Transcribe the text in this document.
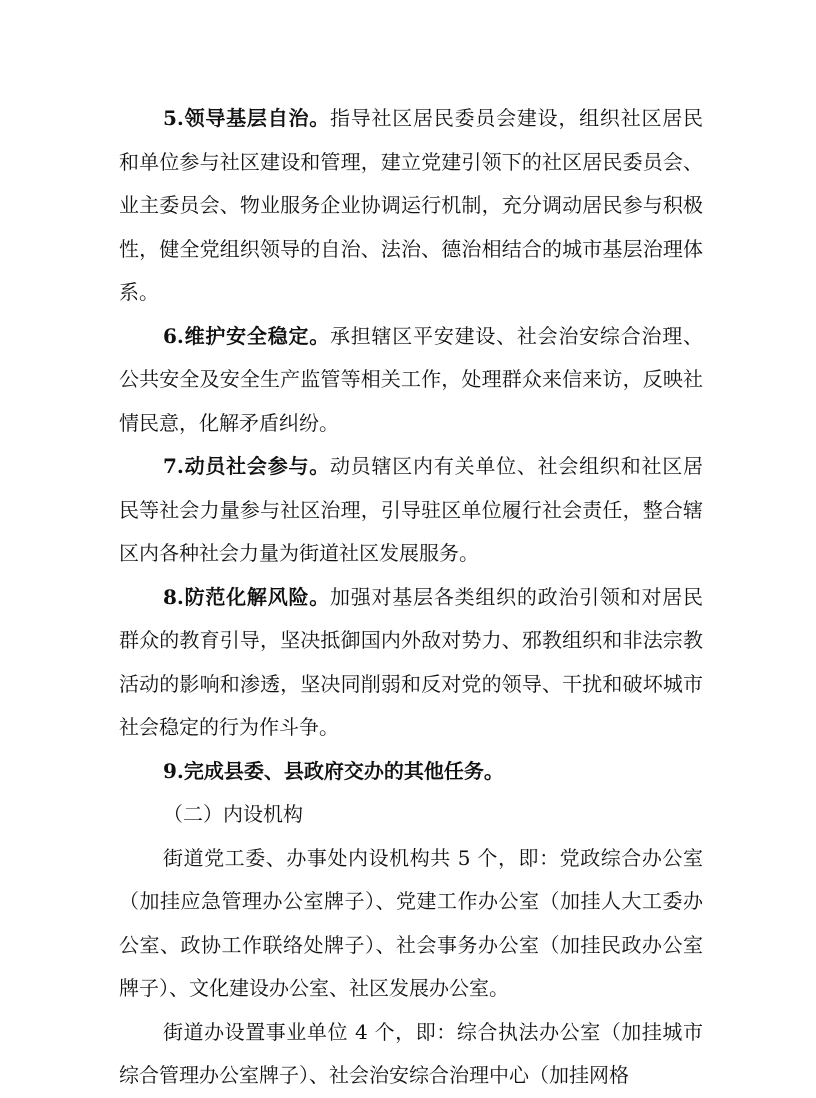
5.领导基层自治。指导社区居民委员会建设，组织社区居民和单位参与社区建设和管理，建立党建引领下的社区居民委员会、业主委员会、物业服务企业协调运行机制，充分调动居民参与积极性，健全党组织领导的自治、法治、德治相结合的城市基层治理体系。

6.维护安全稳定。承担辖区平安建设、社会治安综合治理、公共安全及安全生产监管等相关工作，处理群众来信来访，反映社情民意，化解矛盾纠纷。

7.动员社会参与。动员辖区内有关单位、社会组织和社区居民等社会力量参与社区治理，引导驻区单位履行社会责任，整合辖区内各种社会力量为街道社区发展服务。

8.防范化解风险。加强对基层各类组织的政治引领和对居民群众的教育引导，坚决抵御国内外敌对势力、邪教组织和非法宗教活动的影响和渗透，坚决同削弱和反对党的领导、干扰和破坏城市社会稳定的行为作斗争。

9.完成县委、县政府交办的其他任务。

（二）内设机构

街道党工委、办事处内设机构共 5 个，即：党政综合办公室（加挂应急管理办公室牌子）、党建工作办公室（加挂人大工委办公室、政协工作联络处牌子）、社会事务办公室（加挂民政办公室牌子）、文化建设办公室、社区发展办公室。

街道办设置事业单位 4 个，即：综合执法办公室（加挂城市综合管理办公室牌子）、社会治安综合治理中心（加挂网格
